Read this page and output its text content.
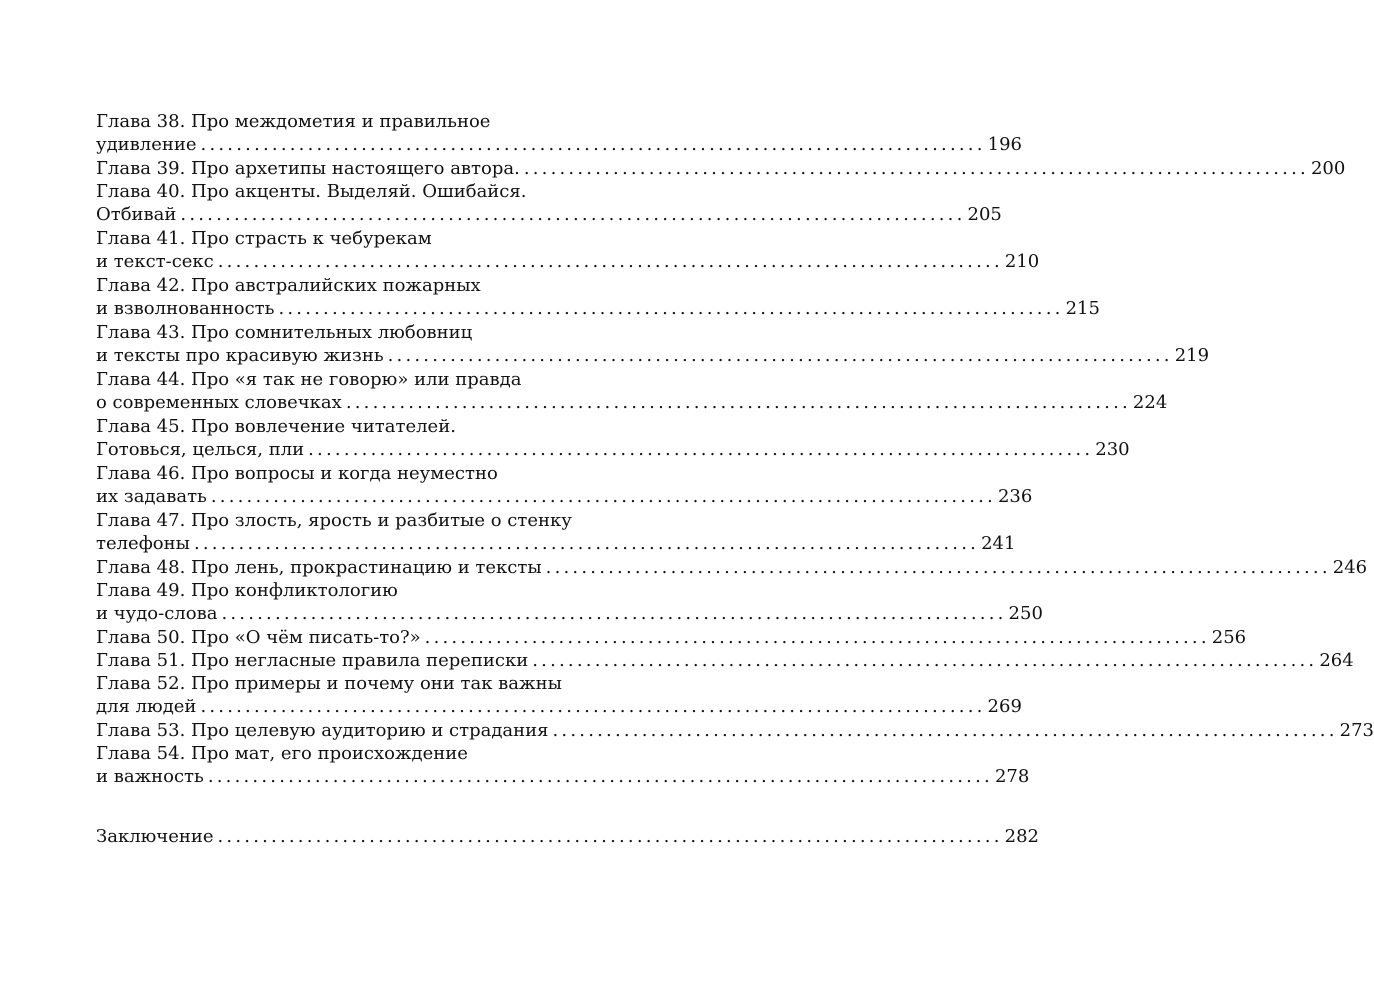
Глава 38. Про междометия и правильное
удивление ........................................................................................ 196
Глава 39. Про архетипы настоящего автора. ........................................................................................ 200
Глава 40. Про акценты. Выделяй. Ошибайся.
Отбивай ........................................................................................ 205
Глава 41. Про страсть к чебурекам
и текст-секс ........................................................................................ 210
Глава 42. Про австралийских пожарных
и взволнованность ........................................................................................ 215
Глава 43. Про сомнительных любовниц
и тексты про красивую жизнь ........................................................................................ 219
Глава 44. Про «я так не говорю» или правда
о современных словечках ........................................................................................ 224
Глава 45. Про вовлечение читателей.
Готовься, целься, пли ........................................................................................ 230
Глава 46. Про вопросы и когда неуместно
их задавать ........................................................................................ 236
Глава 47. Про злость, ярость и разбитые о стенку
телефоны ........................................................................................ 241
Глава 48. Про лень, прокрастинацию и тексты ........................................................................................ 246
Глава 49. Про конфликтологию
и чудо-слова ........................................................................................ 250
Глава 50. Про «О чём писать-то?» ........................................................................................ 256
Глава 51. Про негласные правила переписки ........................................................................................ 264
Глава 52. Про примеры и почему они так важны
для людей ........................................................................................ 269
Глава 53. Про целевую аудиторию и страдания ........................................................................................ 273
Глава 54. Про мат, его происхождение
и важность ........................................................................................ 278
Заключение ........................................................................................ 282
